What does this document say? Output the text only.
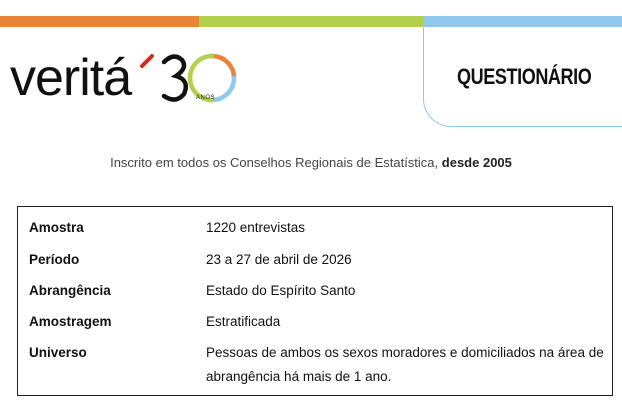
veritá	ANOS
QUESTIONÁRIO
Inscrito em todos os Conselhos Regionais de Estatística, desde 2005
Amostra	1220 entrevistas
Período	23 a 27 de abril de 2026
Abrangência	Estado do Espírito Santo
Amostragem	Estratificada
Universo	Pessoas de ambos os sexos moradores e domiciliados na área de abrangência há mais de 1 ano.
